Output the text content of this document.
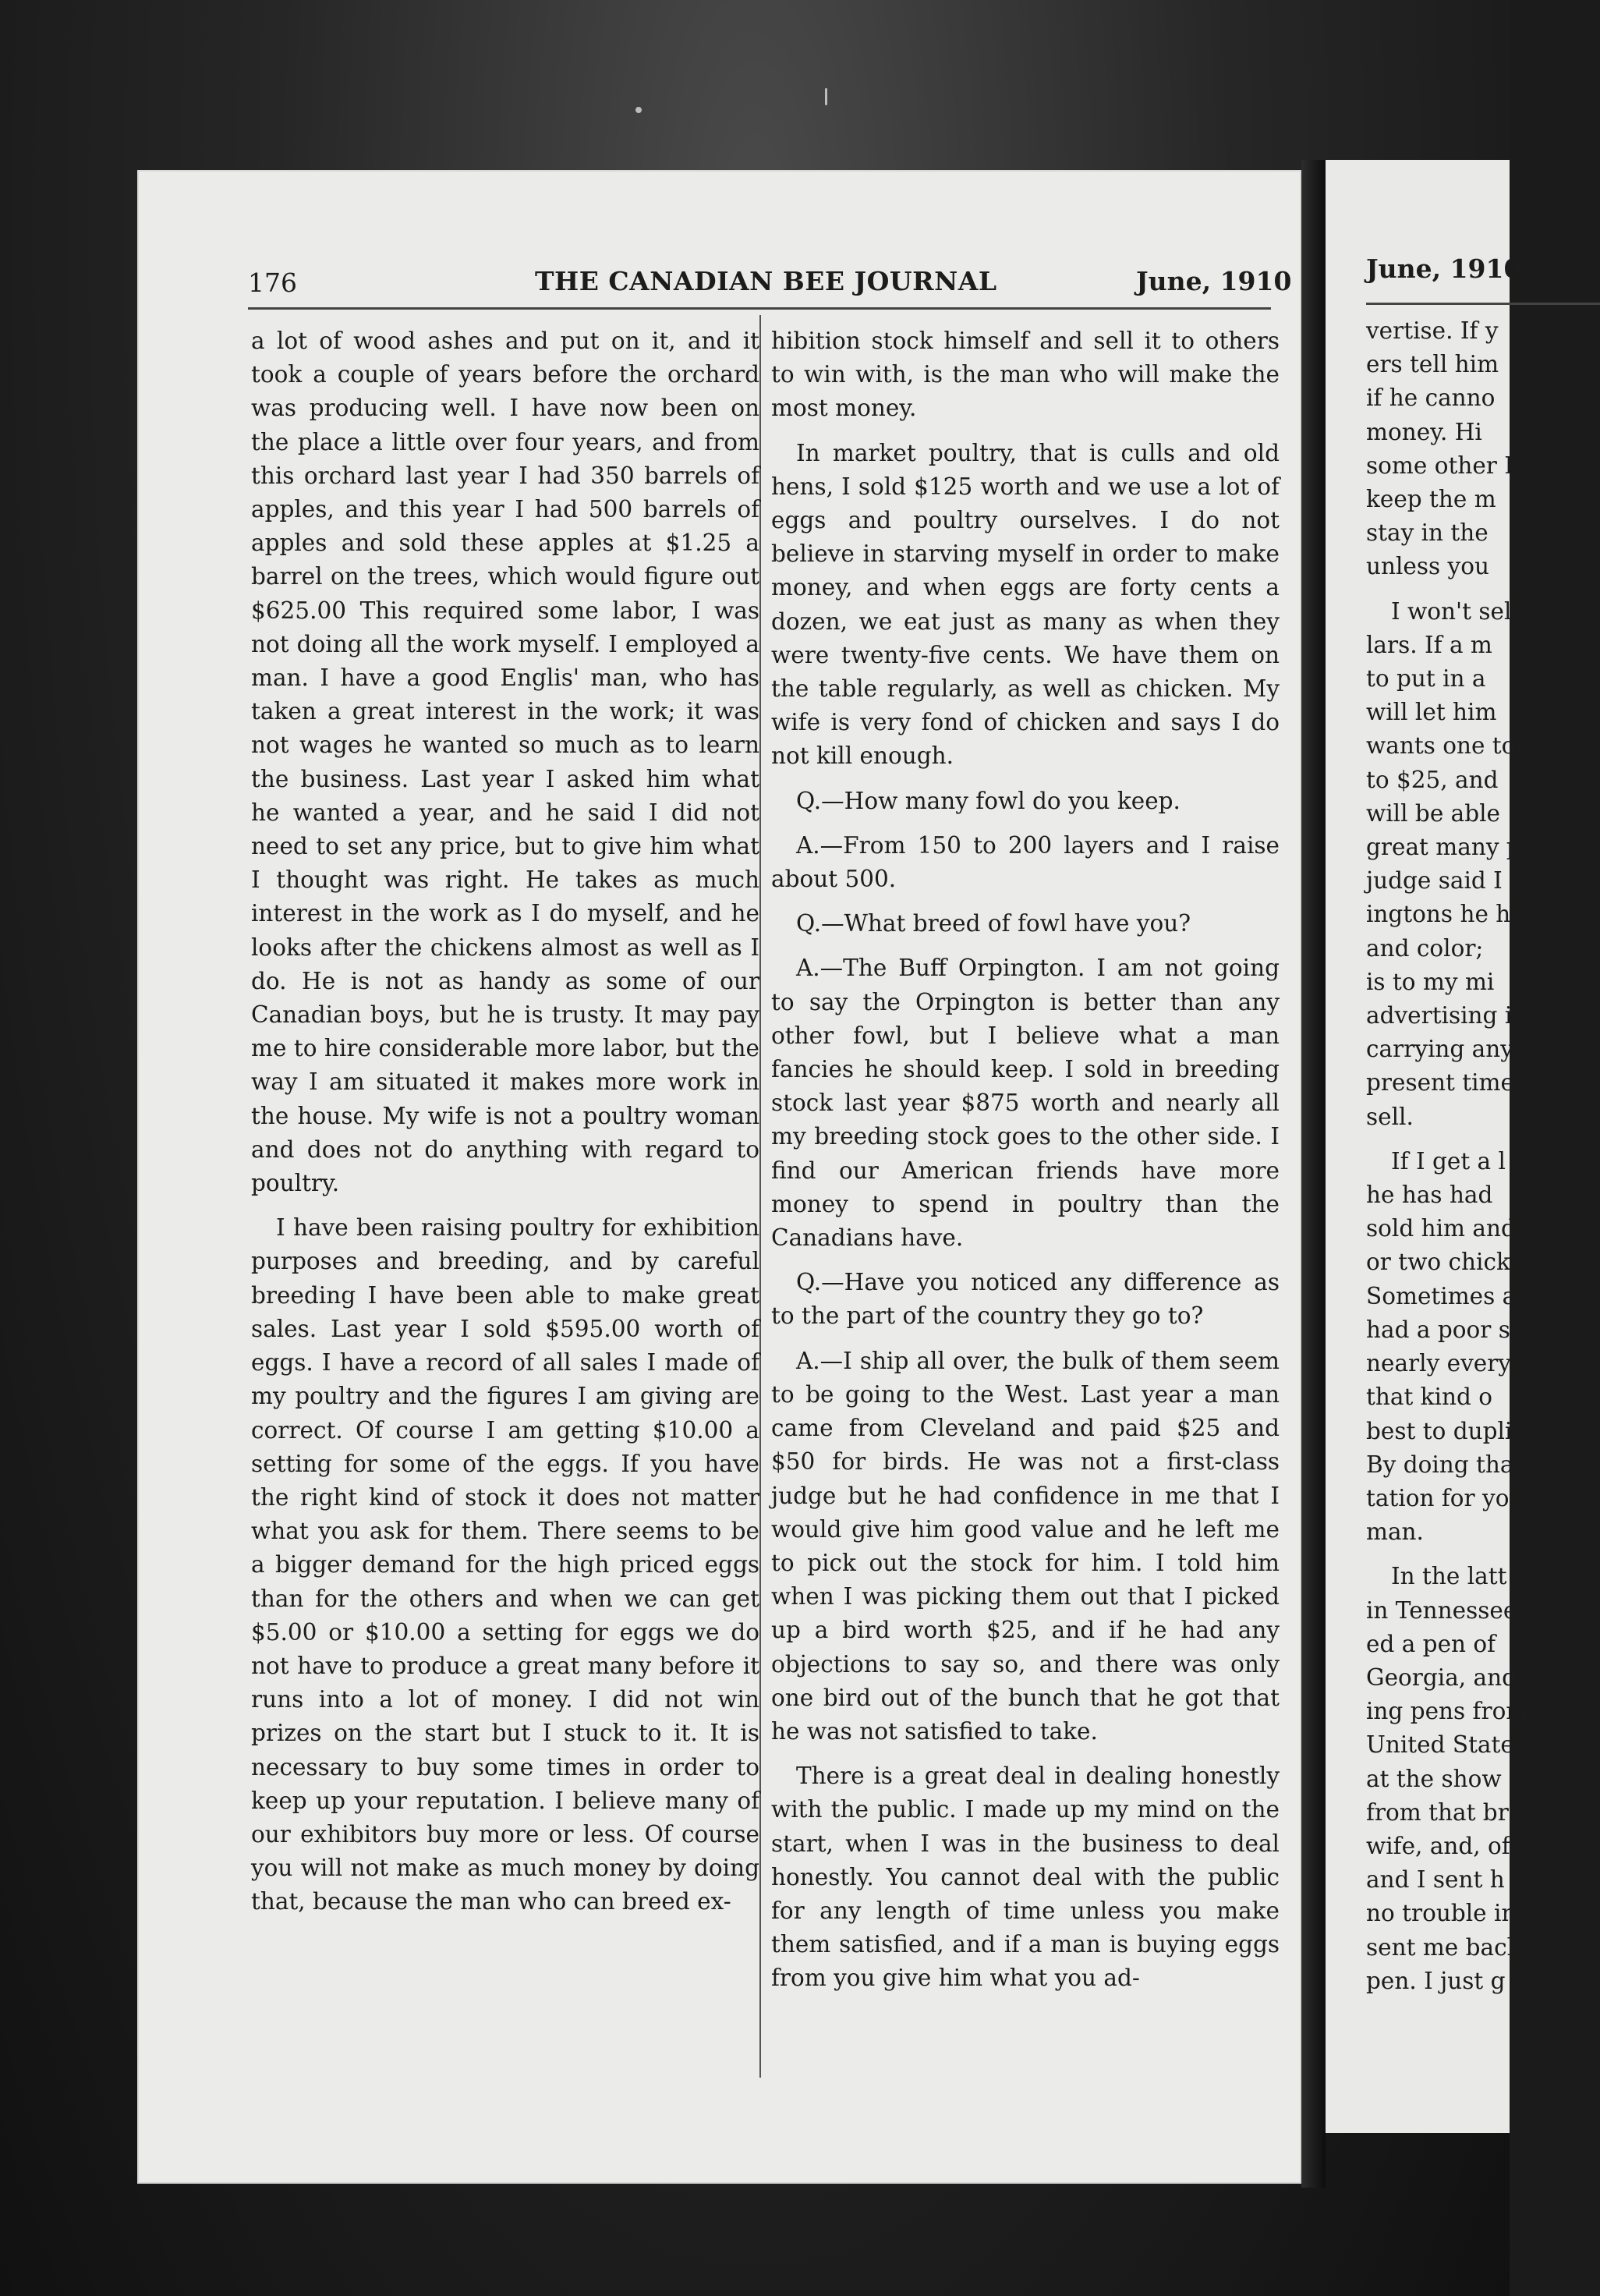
176	THE CANADIAN BEE JOURNAL	June, 1910

a lot of wood ashes and put on it, and it took a couple of years before the orchard was producing well. I have now been on the place a little over four years, and from this orchard last year I had 350 barrels of apples, and this year I had 500 barrels of apples and sold these apples at $1.25 a barrel on the trees, which would figure out $625.00 This required some labor, I was not doing all the work myself. I employed a man. I have a good Englis' man, who has taken a great interest in the work; it was not wages he wanted so much as to learn the business. Last year I asked him what he wanted a year, and he said I did not need to set any price, but to give him what I thought was right. He takes as much interest in the work as I do myself, and he looks after the chickens almost as well as I do. He is not as handy as some of our Canadian boys, but he is trusty. It may pay me to hire considerable more labor, but the way I am situated it makes more work in the house. My wife is not a poultry woman and does not do anything with regard to poultry.

I have been raising poultry for exhibition purposes and breeding, and by careful breeding I have been able to make great sales. Last year I sold $595.00 worth of eggs. I have a record of all sales I made of my poultry and the figures I am giving are correct. Of course I am getting $10.00 a setting for some of the eggs. If you have the right kind of stock it does not matter what you ask for them. There seems to be a bigger demand for the high priced eggs than for the others and when we can get $5.00 or $10.00 a setting for eggs we do not have to produce a great many before it runs into a lot of money. I did not win prizes on the start but I stuck to it. It is necessary to buy some times in order to keep up your reputation. I believe many of our exhibitors buy more or less. Of course you will not make as much money by doing that, because the man who can breed ex-

hibition stock himself and sell it to others to win with, is the man who will make the most money.

In market poultry, that is culls and old hens, I sold $125 worth and we use a lot of eggs and poultry ourselves. I do not believe in starving myself in order to make money, and when eggs are forty cents a dozen, we eat just as many as when they were twenty-five cents. We have them on the table regularly, as well as chicken. My wife is very fond of chicken and says I do not kill enough.

Q.—How many fowl do you keep.

A.—From 150 to 200 layers and I raise about 500.

Q.—What breed of fowl have you?

A.—The Buff Orpington. I am not going to say the Orpington is better than any other fowl, but I believe what a man fancies he should keep. I sold in breeding stock last year $875 worth and nearly all my breeding stock goes to the other side. I find our American friends have more money to spend in poultry than the Canadians have.

Q.—Have you noticed any difference as to the part of the country they go to?

A.—I ship all over, the bulk of them seem to be going to the West. Last year a man came from Cleveland and paid $25 and $50 for birds. He was not a first-class judge but he had confidence in me that I would give him good value and he left me to pick out the stock for him. I told him when I was picking them out that I picked up a bird worth $25, and if he had any objections to say so, and there was only one bird out of the bunch that he got that he was not satisfied to take.

There is a great deal in dealing honestly with the public. I made up my mind on the start, when I was in the business to deal honestly. You cannot deal with the public for any length of time unless you make them satisfied, and if a man is buying eggs from you give him what you ad-

June, 1910

vertise. If y

ers tell him

if he canno

money. Hi

some other I

keep the m

stay in the

unless you

I won't sel

lars. If a m

to put in a

will let him

wants one to

to $25, and

will be able

great many p

judge said I

ingtons he h

and color;

is to my mi

advertising i

carrying any

present time,

sell.

If I get a l

he has had

sold him and

or two chicks

Sometimes a

had a poor s

nearly every

that kind o

best to dupli

By doing tha

tation for yo

man.

In the latt

in Tennessee

ed a pen of

Georgia, and

ing pens from

United States

at the show

from that br

wife, and, of

and I sent h

no trouble in

sent me back

pen. I just g
